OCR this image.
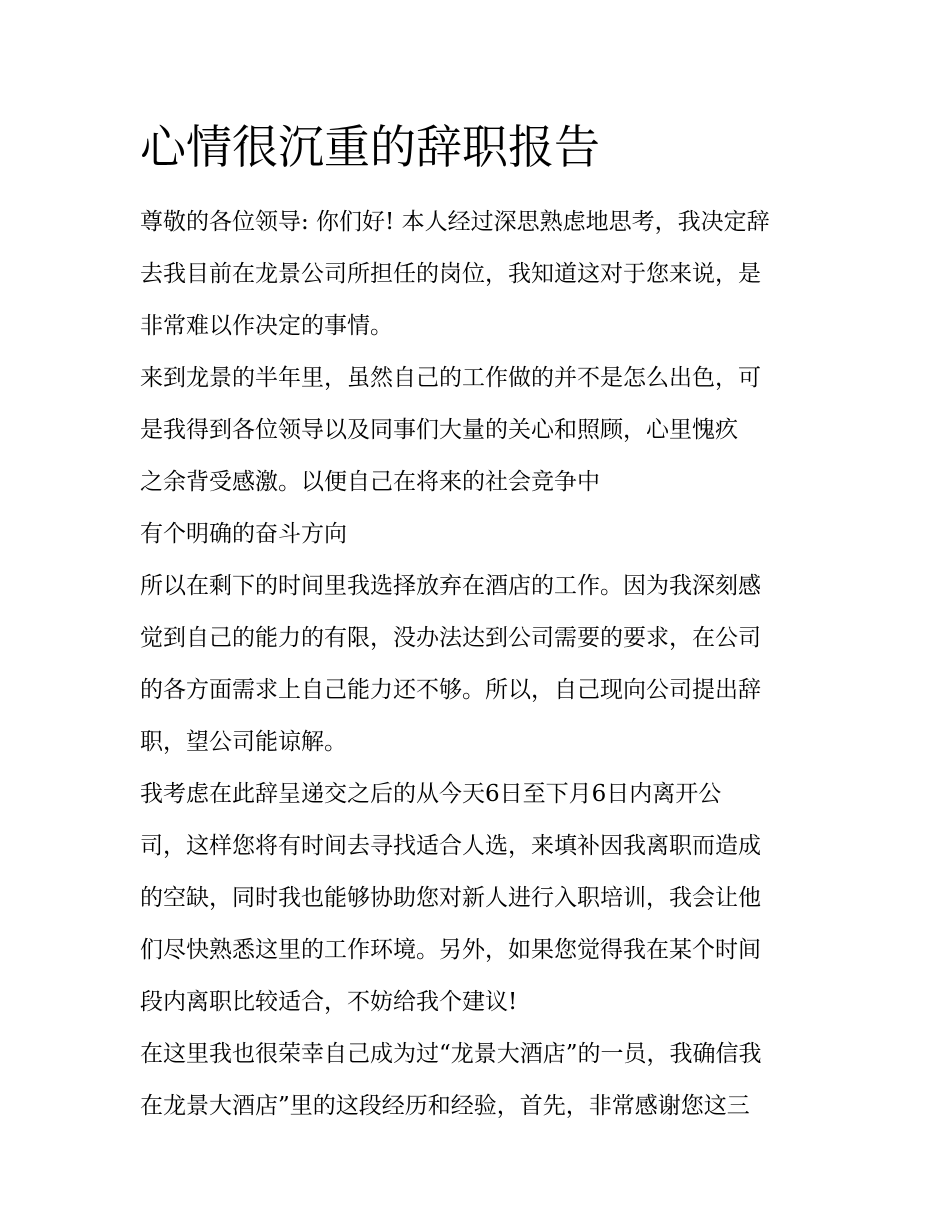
心情很沉重的辞职报告
尊敬的各位领导: 你们好! 本人经过深思熟虑地思考，我决定辞
去我目前在龙景公司所担任的岗位，我知道这对于您来说，是
非常难以作决定的事情。
来到龙景的半年里，虽然自己的工作做的并不是怎么出色，可
是我得到各位领导以及同事们大量的关心和照顾，心里愧疚
之余背受感激。以便自己在将来的社会竞争中
有个明确的奋斗方向
所以在剩下的时间里我选择放弃在酒店的工作。因为我深刻感
觉到自己的能力的有限，没办法达到公司需要的要求，在公司
的各方面需求上自己能力还不够。所以，自己现向公司提出辞
职，望公司能谅解。
我考虑在此辞呈递交之后的从今天6日至下月6日内离开公
司，这样您将有时间去寻找适合人选，来填补因我离职而造成
的空缺，同时我也能够协助您对新人进行入职培训，我会让他
们尽快熟悉这里的工作环境。另外，如果您觉得我在某个时间
段内离职比较适合，不妨给我个建议!
在这里我也很荣幸自己成为过“龙景大酒店”的一员，我确信我
在龙景大酒店”里的这段经历和经验，首先，非常感谢您这三
